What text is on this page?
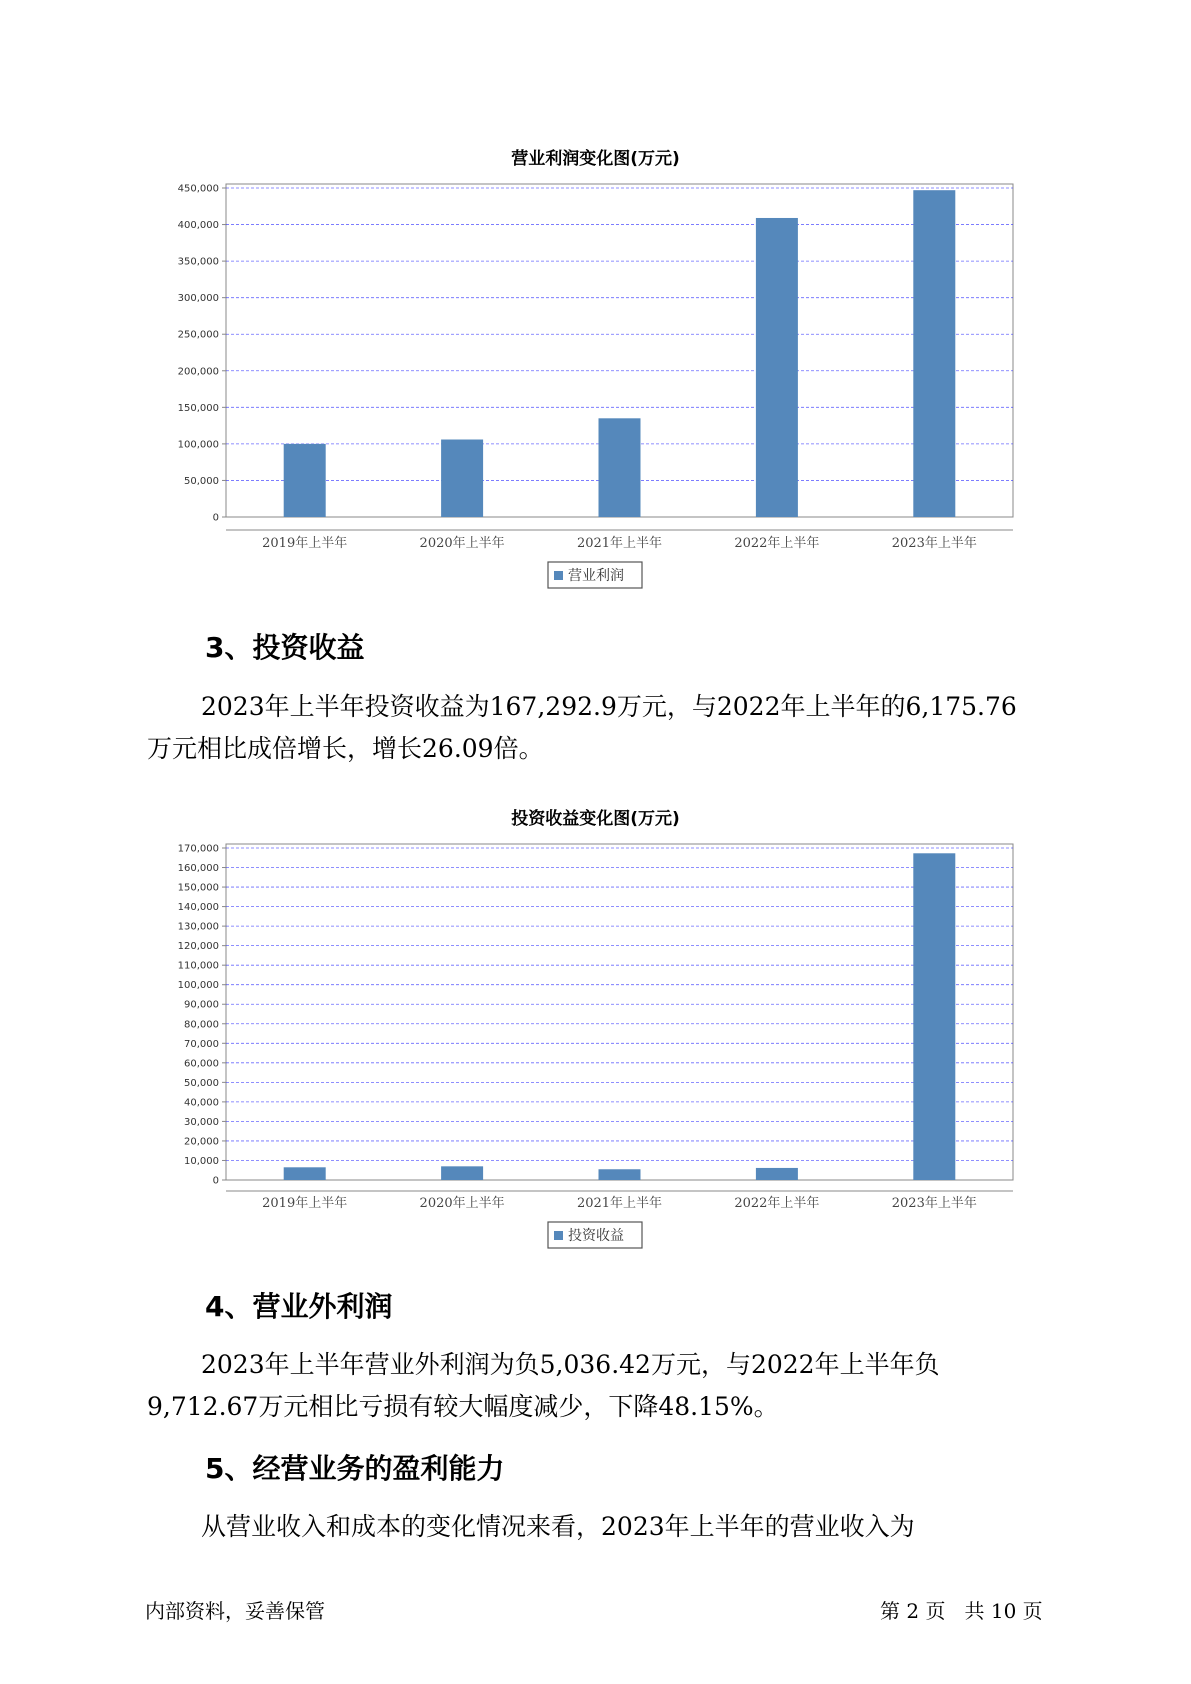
营业利润变化图(万元)
450,000
400,000
350,000
300,000
250,000
200,000
150,000
100,000
50,000
0
2019年上半年	2020年上半年	2021年上半年	2022年上半年	2023年上半年
营业利润
3、投资收益
2023年上半年投资收益为167,292.9万元，与2022年上半年的6,175.76
万元相比成倍增长，增长26.09倍。
投资收益变化图(万元)
170,000
160,000
150,000
140,000
130,000
120,000
110,000
100,000
90,000
80,000
70,000
60,000
50,000
40,000
30,000
20,000
10,000
0
2019年上半年	2020年上半年	2021年上半年	2022年上半年	2023年上半年
投资收益
4、营业外利润
2023年上半年营业外利润为负5,036.42万元，与2022年上半年负
9,712.67万元相比亏损有较大幅度减少，下降48.15%。
5、经营业务的盈利能力
从营业收入和成本的变化情况来看，2023年上半年的营业收入为
内部资料，妥善保管	第 2 页   共 10 页
